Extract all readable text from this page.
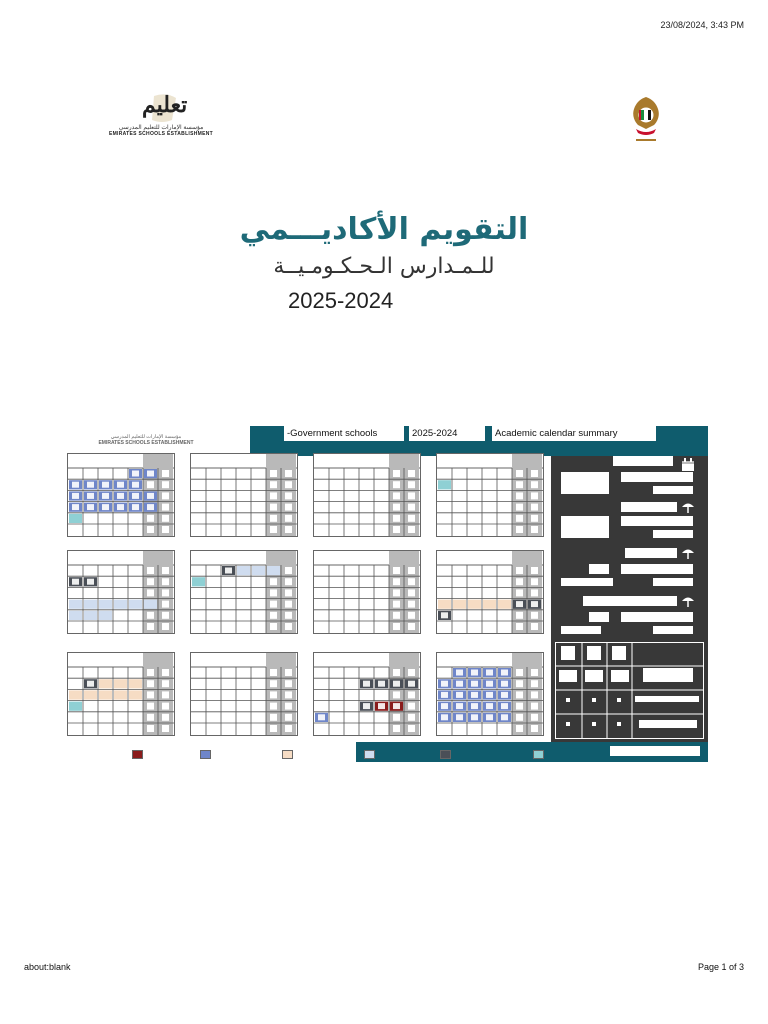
23/08/2024, 3:43 PM
تعليم
مؤسسة الإمارات للتعليم المدرسي
EMIRATES SCHOOLS ESTABLISHMENT
التقويم الأكاديـــمي
للـمـدارس الـحـكـومـيــة
2025-2024
مؤسسة الإمارات للتعليم المدرسي
EMIRATES SCHOOLS ESTABLISHMENT
-Government schools	2025-2024	Academic calendar summary
about:blank	Page 1 of 3
